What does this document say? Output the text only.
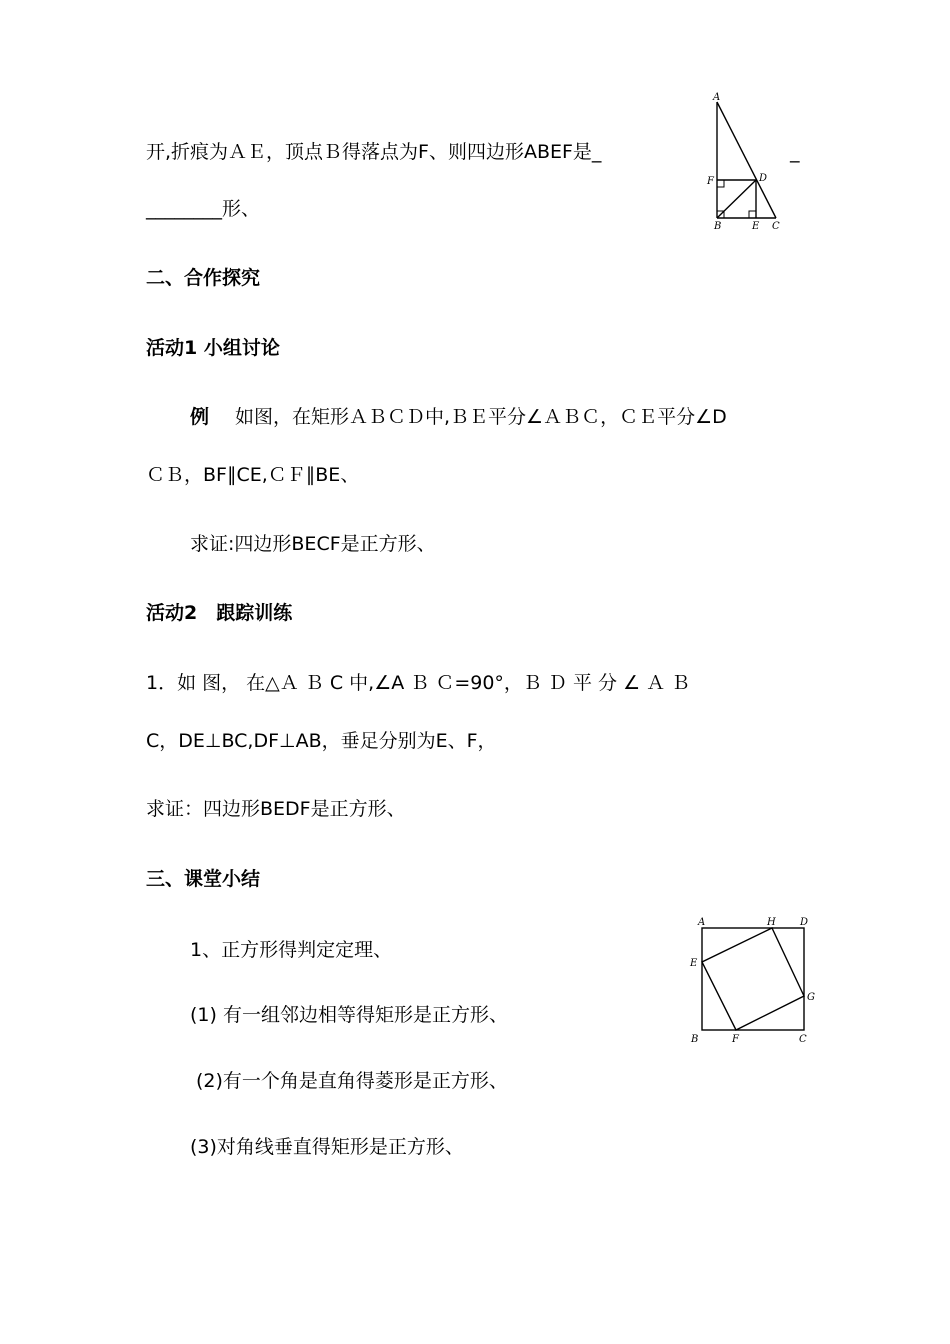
开,折痕为ＡＥ，顶点Ｂ得落点为F、则四边形ABEF是_	_
________形、
A
F	D
B	E C
二、合作探究
活动1 小组讨论
例 如图，在矩形ＡＢＣＤ中,ＢＥ平分∠ＡＢＣ，ＣＥ平分∠D
ＣＢ，BF∥CE,ＣＦ∥BE、
求证:四边形BECF是正方形、
活动2　跟踪训练
1．如 图， 在△Ａ Ｂ C 中,∠A Ｂ Ｃ=90°，Ｂ Ｄ 平 分 ∠ Ａ Ｂ
C，DE⊥BC,DF⊥AB，垂足分别为E、F，
求证：四边形BEDF是正方形、
三、课堂小结
1、正方形得判定定理、
(1) 有一组邻边相等得矩形是正方形、
(2)有一个角是直角得菱形是正方形、
(3)对角线垂直得矩形是正方形、
A	H D
E
G
B	F	C
